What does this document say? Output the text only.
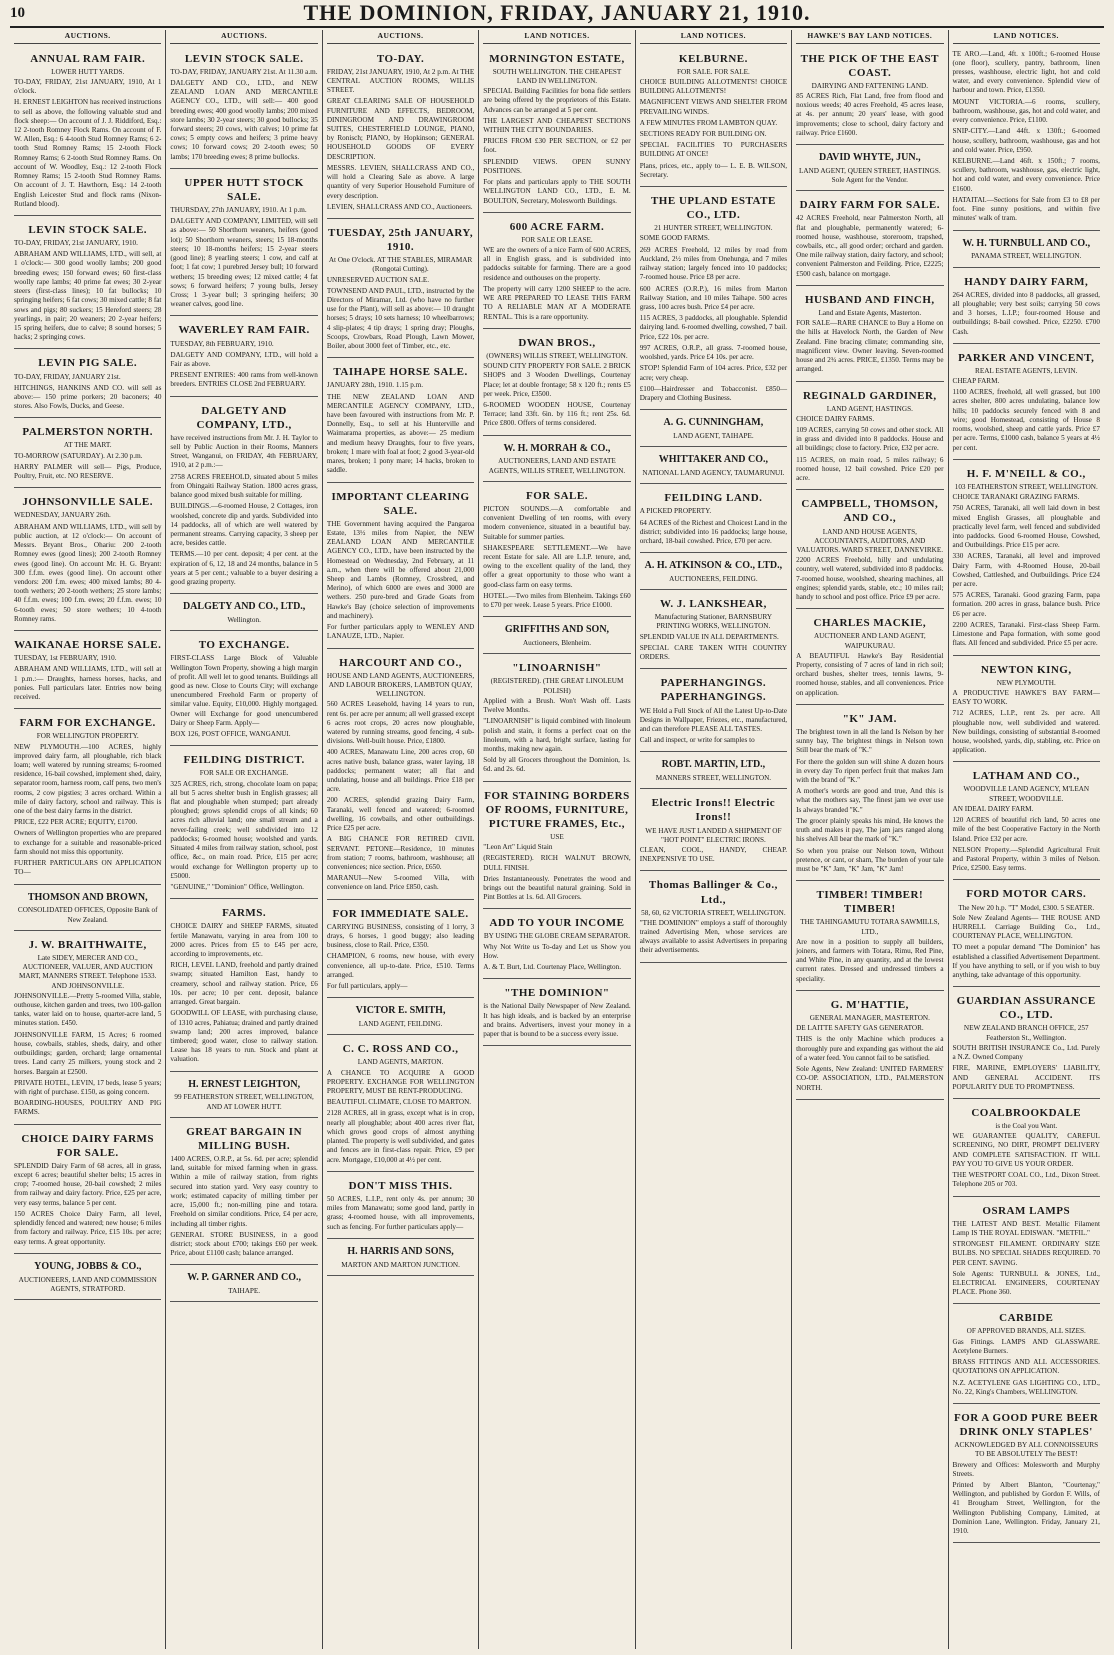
10	THE DOMINION, FRIDAY, JANUARY 21, 1910.
AUCTIONS.
ANNUAL RAM FAIR.
LOWER HUTT YARDS.

TO-DAY, FRIDAY, 21st JANUARY, 1910, At 1 o'clock.

H. ERNEST LEIGHTON has received instructions to sell as above, the following valuable stud and flock sheep:— On account of J. J. Riddiford, Esq.: 12 2-tooth Romney Flock Rams. On account of F. W. Allen, Esq.: 6 4-tooth Stud Romney Rams; 6 2-tooth Stud Romney Rams; 15 2-tooth Flock Romney Rams; 6 2-tooth Stud Romney Rams. On account of W. Woodley, Esq.: 12 2-tooth Flock Romney Rams; 15 2-tooth Stud Romney Rams. On account of J. T. Hawthorn, Esq.: 14 2-tooth English Leicester Stud and flock rams (Nixon-Rutland blood).

LEVIN STOCK SALE.

TO-DAY, FRIDAY, 21st JANUARY, 1910.

ABRAHAM AND WILLIAMS, LTD., will sell, at 1 o'clock:— 300 good woolly lambs; 200 good breeding ewes; 150 forward ewes; 60 first-class woolly rape lambs; 40 prime fat ewes; 30 2-year steers (first-class lines); 10 fat bullocks; 10 springing heifers; 6 fat cows; 30 mixed cattle; 8 fat sows and pigs; 80 suckers; 15 Hereford steers; 28 yearlings, in pair; 20 weaners; 20 2-year heifers; 15 spring heifers, due to calve; 8 sound horses; 5 hacks; 2 springing cows.

LEVIN PIG SALE.

TO-DAY, FRIDAY, JANUARY 21st.

HITCHINGS, HANKINS AND CO. will sell as above:— 150 prime porkers; 20 baconers; 40 stores. Also Fowls, Ducks, and Geese.

PALMERSTON NORTH.
AT THE MART.

TO-MORROW (SATURDAY). At 2.30 p.m.

HARRY PALMER will sell— Pigs, Produce, Poultry, Fruit, etc. NO RESERVE.

JOHNSONVILLE SALE.

WEDNESDAY, JANUARY 26th.

ABRAHAM AND WILLIAMS, LTD., will sell by public auction, at 12 o'clock:— On account of Messrs. Bryant Bros., Ohariu: 200 2-tooth Romney ewes (good lines); 200 2-tooth Romney ewes (good line). On account Mr. H. G. Bryant: 300 f.f.m. ewes (good line). On account other vendors: 200 f.m. ewes; 400 mixed lambs; 80 4-tooth wethers; 20 2-tooth wethers; 25 store lambs; 40 f.f.m. ewes; 100 f.m. ewes; 20 f.f.m. ewes; 10 6-tooth ewes; 50 store wethers; 10 4-tooth Romney rams.

WAIKANAE HORSE SALE.

TUESDAY, 1st FEBRUARY, 1910.

ABRAHAM AND WILLIAMS, LTD., will sell at 1 p.m.:— Draughts, harness horses, hacks, and ponies. Full particulars later. Entries now being received.

FARM FOR EXCHANGE.
FOR WELLINGTON PROPERTY.

NEW PLYMOUTH.—100 ACRES, highly improved dairy farm, all ploughable, rich black loam; well watered by running streams; 6-roomed residence, 16-bail cowshed, implement shed, dairy, separator room, harness room, calf pens, two men's rooms, 2 cow pigsties; 3 acres orchard. Within a mile of dairy factory, school and railway. This is one of the best dairy farms in the district.

PRICE, £22 PER ACRE; EQUITY, £1700.

Owners of Wellington properties who are prepared to exchange for a suitable and reasonable-priced farm should not miss this opportunity.

FURTHER PARTICULARS ON APPLICATION TO—

THOMSON AND BROWN,
CONSOLIDATED OFFICES, Opposite Bank of New Zealand.
J. W. BRAITHWAITE,
Late SIDEY, MERCER AND CO., AUCTIONEER, VALUER, AND AUCTION MART, MANNERS STREET. Telephone 1533. AND JOHNSONVILLE.

JOHNSONVILLE.—Pretty 5-roomed Villa, stable, outhouse, kitchen garden and trees, two 100-gallon tanks, water laid on to house, quarter-acre land, 5 minutes station. £450.

JOHNSONVILLE FARM, 15 Acres; 6 roomed house, cowbails, stables, sheds, dairy, and other outbuildings; garden, orchard; large ornamental trees. Land carry 25 milkers, young stock and 2 horses. Bargain at £2500.

PRIVATE HOTEL, LEVIN, 17 beds, lease 5 years; with right of purchase. £150, as going concern.

BOARDING-HOUSES, POULTRY AND PIG FARMS.

CHOICE DAIRY FARMS FOR SALE.

SPLENDID Dairy Farm of 68 acres, all in grass, except 6 acres; beautiful shelter belts; 15 acres in crop; 7-roomed house, 20-bail cowshed; 2 miles from railway and dairy factory. Price, £25 per acre, very easy terms, balance 5 per cent.

150 ACRES Choice Dairy Farm, all level, splendidly fenced and watered; new house; 6 miles from factory and railway. Price, £15 10s. per acre; easy terms. A great opportunity.

YOUNG, JOBBS & CO.,
AUCTIONEERS, LAND AND COMMISSION AGENTS, STRATFORD.
AUCTIONS.
LEVIN STOCK SALE.

TO-DAY, FRIDAY, JANUARY 21st. At 11.30 a.m.

DALGETY AND CO., LTD., and NEW ZEALAND LOAN AND MERCANTILE AGENCY CO., LTD., will sell:— 400 good breeding ewes; 400 good woolly lambs; 200 mixed store lambs; 30 2-year steers; 30 good bullocks; 35 forward steers; 20 cows, with calves; 10 prime fat cows; 5 empty cows and heifers; 3 prime heavy cows; 10 forward cows; 20 2-tooth ewes; 50 lambs; 170 breeding ewes; 8 prime bullocks.

UPPER HUTT STOCK SALE.

THURSDAY, 27th JANUARY, 1910. At 1 p.m.

DALGETY AND COMPANY, LIMITED, will sell as above:— 50 Shorthorn weaners, heifers (good lot); 50 Shorthorn weaners, steers; 15 18-months steers; 10 18-months heifers; 15 2-year steers (good line); 8 yearling steers; 1 cow, and calf at foot; 1 fat cow; 1 purebred Jersey bull; 10 forward wethers; 15 breeding ewes; 12 mixed cattle; 4 fat sows; 6 forward heifers; 7 young bulls, Jersey Cross; 1 3-year bull; 3 springing heifers; 30 weaner calves, good line.

WAVERLEY RAM FAIR.

TUESDAY, 8th FEBRUARY, 1910.

DALGETY AND COMPANY, LTD., will hold a Fair as above.

PRESENT ENTRIES: 400 rams from well-known breeders. ENTRIES CLOSE 2nd FEBRUARY.

DALGETY AND COMPANY, LTD.,

have received instructions from Mr. J. H. Taylor to sell by Public Auction in their Rooms, Manners Street, Wanganui, on FRIDAY, 4th FEBRUARY, 1910, at 2 p.m.:—

2758 ACRES FREEHOLD, situated about 5 miles from Ohingaiti Railway Station. 1800 acres grass, balance good mixed bush suitable for milling.

BUILDINGS.—6-roomed House, 2 Cottages, iron woolshed, concrete dip and yards. Subdivided into 14 paddocks, all of which are well watered by permanent streams. Carrying capacity, 3 sheep per acre, besides cattle.

TERMS.—10 per cent. deposit; 4 per cent. at the expiration of 6, 12, 18 and 24 months, balance in 5 years at 5 per cent.; valuable to a buyer desiring a good grazing property.

DALGETY AND CO., LTD.,
Wellington.
TO EXCHANGE.

FIRST-CLASS Large Block of Valuable Wellington Town Property, showing a high margin of profit. All well let to good tenants. Buildings all good as new. Close to Courts City; will exchange unencumbered Freehold Farm or property of similar value. Equity, £10,000. Highly mortgaged. Owner will Exchange for good unencumbered Dairy or Sheep Farm. Apply—

BOX 126, POST OFFICE, WANGANUI.

FEILDING DISTRICT.
FOR SALE OR EXCHANGE.

325 ACRES, rich, strong, chocolate loam on papa; all but 5 acres shelter bush in English grasses; all flat and ploughable when stumped; part already ploughed; grows splendid crops of all kinds; 60 acres rich alluvial land; one small stream and a never-failing creek; well subdivided into 12 paddocks; 6-roomed house; woolshed and yards. Situated 4 miles from railway station, school, post office, &c., on main road. Price, £15 per acre; would exchange for Wellington property up to £5000.

"GENUINE," "Dominion" Office, Wellington.

FARMS.

CHOICE DAIRY and SHEEP FARMS, situated fertile Manawatu, varying in area from 100 to 2000 acres. Prices from £5 to £45 per acre, according to improvements, etc.

RICH, LEVEL LAND, freehold and partly drained swamp; situated Hamilton East, handy to creamery, school and railway station. Price, £6 10s. per acre; 10 per cent. deposit, balance arranged. Great bargain.

GOODWILL OF LEASE, with purchasing clause, of 1310 acres, Pahiatua; drained and partly drained swamp land; 200 acres improved, balance timbered; good water, close to railway station. Lease has 18 years to run. Stock and plant at valuation.

H. ERNEST LEIGHTON,
99 FEATHERSTON STREET, WELLINGTON, AND AT LOWER HUTT.
GREAT BARGAIN IN MILLING BUSH.

1400 ACRES, O.R.P., at 5s. 6d. per acre; splendid land, suitable for mixed farming when in grass. Within a mile of railway station, from rights secured into station yard. Very easy country to work; estimated capacity of milling timber per acre, 15,000 ft.; non-milling pine and totara. Freehold on similar conditions. Price, £4 per acre, including all timber rights.

GENERAL STORE BUSINESS, in a good district; stock about £700; takings £60 per week. Price, about £1100 cash; balance arranged.

W. P. GARNER AND CO.,
TAIHAPE.
AUCTIONS.
TO-DAY.

FRIDAY, 21st JANUARY, 1910, At 2 p.m. At THE CENTRAL AUCTION ROOMS, WILLIS STREET.

GREAT CLEARING SALE OF HOUSEHOLD FURNITURE AND EFFECTS, BEDROOM, DININGROOM AND DRAWINGROOM SUITES, CHESTERFIELD LOUNGE, PIANO, by Ronisch; PIANO, by Hopkinson; GENERAL HOUSEHOLD GOODS OF EVERY DESCRIPTION.

MESSRS. LEVIEN, SHALLCRASS AND CO., will hold a Clearing Sale as above. A large quantity of very Superior Household Furniture of every description.

LEVIEN, SHALLCRASS AND CO., Auctioneers.

TUESDAY, 25th JANUARY, 1910.
At One O'clock. AT THE STABLES, MIRAMAR (Rongotai Cutting).

UNRESERVED AUCTION SALE.

TOWNSEND AND PAUL, LTD., instructed by the Directors of Miramar, Ltd. (who have no further use for the Plant), will sell as above:— 10 draught horses; 5 drays; 10 sets harness; 10 wheelbarrows; 4 slip-plates; 4 tip drays; 1 spring dray; Ploughs, Scoops, Crowbars, Road Plough, Lawn Mower, Boiler, about 3000 feet of Timber, etc., etc.

TAIHAPE HORSE SALE.

JANUARY 28th, 1910. 1.15 p.m.

THE NEW ZEALAND LOAN AND MERCANTILE AGENCY COMPANY, LTD., have been favoured with instructions from Mr. P. Donnelly, Esq., to sell at his Hunterville and Waimarama properties, as above:— 25 medium and medium heavy Draughts, four to five years, broken; 1 mare with foal at foot; 2 good 3-year-old mares, broken; 1 pony mare; 14 hacks, broken to saddle.

IMPORTANT CLEARING SALE.

THE Government having acquired the Pangaroa Estate, 13½ miles from Napier, the NEW ZEALAND LOAN AND MERCANTILE AGENCY CO., LTD., have been instructed by the Homestead on Wednesday, 2nd February, at 11 a.m., when there will be offered about 21,000 Sheep and Lambs (Romney, Crossbred, and Merino), of which 6000 are ewes and 3000 are wethers. 250 pure-bred and Grade Goats from Hawke's Bay (choice selection of improvements and machinery).

For further particulars apply to WENLEY AND LANAUZE, LTD., Napier.

HARCOURT AND CO.,
HOUSE AND LAND AGENTS, AUCTIONEERS, AND LABOUR BROKERS, LAMBTON QUAY, WELLINGTON.

560 ACRES Leasehold, having 14 years to run, rent 6s. per acre per annum; all well grassed except 6 acres root crops, 20 acres now ploughable, watered by running streams, good fencing, 4 sub-divisions. Well-built house. Price, £1800.

400 ACRES, Manawatu Line, 200 acres crop, 60 acres native bush, balance grass, water laying, 18 paddocks; permanent water; all flat and undulating, house and all buildings. Price £18 per acre.

200 ACRES, splendid grazing Dairy Farm, Taranaki, well fenced and watered; 6-roomed dwelling, 16 cowbails, and other outbuildings. Price £25 per acre.

A BIG CHANCE FOR RETIRED CIVIL SERVANT. PETONE—Residence, 10 minutes from station; 7 rooms, bathroom, washhouse; all conveniences; nice section. Price, £650.

MARANUI—New 5-roomed Villa, with convenience on land. Price £850, cash.

FOR IMMEDIATE SALE.

CARRYING BUSINESS, consisting of 1 lorry, 3 drays, 6 horses, 1 good buggy; also leading business, close to Rail. Price, £350.

CHAMPION, 6 rooms, new house, with every convenience, all up-to-date. Price, £510. Terms arranged.

For full particulars, apply—

VICTOR E. SMITH,
LAND AGENT, FEILDING.
C. C. ROSS AND CO.,
LAND AGENTS, MARTON.

A CHANCE TO ACQUIRE A GOOD PROPERTY. EXCHANGE FOR WELLINGTON PROPERTY, MUST BE RENT-PRODUCING.

BEAUTIFUL CLIMATE, CLOSE TO MARTON.

2128 ACRES, all in grass, except what is in crop, nearly all ploughable; about 400 acres river flat, which grows good crops of almost anything planted. The property is well subdivided, and gates and fences are in first-class repair. Price, £9 per acre. Mortgage, £10,000 at 4½ per cent.

DON'T MISS THIS.

50 ACRES, L.I.P., rent only 4s. per annum; 30 miles from Manawatu; some good land, partly in grass; 4-roomed house, with all improvements, such as fencing. For further particulars apply—

H. HARRIS AND SONS,
MARTON AND MARTON JUNCTION.
LAND NOTICES.
MORNINGTON ESTATE,
SOUTH WELLINGTON. THE CHEAPEST LAND IN WELLINGTON.

SPECIAL Building Facilities for bona fide settlers are being offered by the proprietors of this Estate. Advances can be arranged at 5 per cent.

THE LARGEST AND CHEAPEST SECTIONS WITHIN THE CITY BOUNDARIES.

PRICES FROM £30 PER SECTION, or £2 per foot.

SPLENDID VIEWS. OPEN SUNNY POSITIONS.

For plans and particulars apply to THE SOUTH WELLINGTON LAND CO., LTD., E. M. BOULTON, Secretary, Molesworth Buildings.

600 ACRE FARM.
FOR SALE OR LEASE.

WE are the owners of a nice Farm of 600 ACRES, all in English grass, and is subdivided into paddocks suitable for farming. There are a good residence and outhouses on the property.

The property will carry 1200 SHEEP to the acre. WE ARE PREPARED TO LEASE THIS FARM TO A RELIABLE MAN AT A MODERATE RENTAL. This is a rare opportunity.

DWAN BROS.,
(OWNERS) WILLIS STREET, WELLINGTON.

SOUND CITY PROPERTY FOR SALE. 2 BRICK SHOPS and 3 Wooden Dwellings, Courtenay Place; let at double frontage; 58 x 120 ft.; rents £5 per week. Price, £3500.

6-ROOMED WOODEN HOUSE, Courtenay Terrace; land 33ft. 6in. by 116 ft.; rent 25s. 6d. Price £800. Offers of terms considered.

W. H. MORRAH & CO.,
AUCTIONEERS, LAND AND ESTATE AGENTS, WILLIS STREET, WELLINGTON.
FOR SALE.

PICTON SOUNDS.—A comfortable and convenient Dwelling of ten rooms, with every modern convenience, situated in a beautiful bay. Suitable for summer parties.

SHAKESPEARE SETTLEMENT.—We have recent Estate for sale. All are L.I.P. tenure, and, owing to the excellent quality of the land, they offer a great opportunity to those who want a good-class farm on easy terms.

HOTEL.—Two miles from Blenheim. Takings £60 to £70 per week. Lease 5 years. Price £1000.

GRIFFITHS AND SON,
Auctioneers, Blenheim.
"LINOARNISH"
(REGISTERED). (THE GREAT LINOLEUM POLISH)

Applied with a Brush. Won't Wash off. Lasts Twelve Months.

"LINOARNISH" is liquid combined with linoleum polish and stain, it forms a perfect coat on the linoleum, with a hard, bright surface, lasting for months, making new again.

Sold by all Grocers throughout the Dominion, 1s. 6d. and 2s. 6d.

FOR STAINING BORDERS OF ROOMS, FURNITURE, PICTURE FRAMES, Etc.,
USE

"Leon Art" Liquid Stain

(REGISTERED). RICH WALNUT BROWN, DULL FINISH.

Dries Instantaneously. Penetrates the wood and brings out the beautiful natural graining. Sold in Pint Bottles at 1s. 6d. All Grocers.

ADD TO YOUR INCOME
BY USING THE GLOBE CREAM SEPARATOR.

Why Not Write us To-day and Let us Show you How.

A. & T. Burt, Ltd. Courtenay Place, Wellington.

"THE DOMINION"

is the National Daily Newspaper of New Zealand. It has high ideals, and is backed by an enterprise and brains. Advertisers, invest your money in a paper that is bound to be a success every issue.

LAND NOTICES.
KELBURNE.
FOR SALE. FOR SALE.

CHOICE BUILDING ALLOTMENTS! CHOICE BUILDING ALLOTMENTS!

MAGNIFICENT VIEWS AND SHELTER FROM PREVAILING WINDS.

A FEW MINUTES FROM LAMBTON QUAY.

SECTIONS READY FOR BUILDING ON.

SPECIAL FACILITIES TO PURCHASERS BUILDING AT ONCE!

Plans, prices, etc., apply to— L. E. B. WILSON, Secretary.

THE UPLAND ESTATE CO., LTD.
21 HUNTER STREET, WELLINGTON.

SOME GOOD FARMS.

269 ACRES Freehold, 12 miles by road from Auckland, 2½ miles from Onehunga, and 7 miles railway station; largely fenced into 10 paddocks; 7-roomed house. Price £8 per acre.

600 ACRES (O.R.P.), 16 miles from Marton Railway Station, and 10 miles Taihape. 500 acres grass, 100 acres bush. Price £4 per acre.

115 ACRES, 3 paddocks, all ploughable. Splendid dairying land. 6-roomed dwelling, cowshed, 7 bail. Price, £22 10s. per acre.

997 ACRES, O.R.P., all grass. 7-roomed house, woolshed, yards. Price £4 10s. per acre.

STOP! Splendid Farm of 104 acres. Price, £32 per acre; very cheap.

£100—Hairdresser and Tobacconist. £850—Drapery and Clothing Business.

A. G. CUNNINGHAM,
LAND AGENT, TAIHAPE.
WHITTAKER AND CO.,
NATIONAL LAND AGENCY, TAUMARUNUI.
FEILDING LAND.

A PICKED PROPERTY.

64 ACRES of the Richest and Choicest Land in the district; subdivided into 16 paddocks; large house, orchard, 18-bail cowshed. Price, £70 per acre.

A. H. ATKINSON & CO., LTD.,
AUCTIONEERS, FEILDING.
W. J. LANKSHEAR,
Manufacturing Stationer, BARNSBURY PRINTING WORKS, WELLINGTON.

SPLENDID VALUE IN ALL DEPARTMENTS.

SPECIAL CARE TAKEN WITH COUNTRY ORDERS.

PAPERHANGINGS. PAPERHANGINGS.

WE Hold a Full Stock of All the Latest Up-to-Date Designs in Wallpaper, Friezes, etc., manufactured, and can therefore PLEASE ALL TASTES.

Call and inspect, or write for samples to

ROBT. MARTIN, LTD.,
MANNERS STREET, WELLINGTON.
Electric Irons!! Electric Irons!!
WE HAVE JUST LANDED A SHIPMENT OF "HOT POINT" ELECTRIC IRONS.

CLEAN, COOL, HANDY, CHEAP. INEXPENSIVE TO USE.

Thomas Ballinger & Co., Ltd.,
58, 60, 62 VICTORIA STREET, WELLINGTON.

"THE DOMINION" employs a staff of thoroughly trained Advertising Men, whose services are always available to assist Advertisers in preparing their advertisements.

HAWKE'S BAY LAND NOTICES.
THE PICK OF THE EAST COAST.
DAIRYING AND FATTENING LAND.

85 ACRES Rich, Flat Land, free from flood and noxious weeds; 40 acres Freehold, 45 acres lease, at 4s. per annum; 20 years' lease, with good improvements; close to school, dairy factory and railway. Price £1600.

DAVID WHYTE, JUN.,
LAND AGENT, QUEEN STREET, HASTINGS. Sole Agent for the Vendor.
DAIRY FARM FOR SALE.

42 ACRES Freehold, near Palmerston North, all flat and ploughable, permanently watered; 6-roomed house, washhouse, storeroom, trapshed, cowbails, etc., all good order; orchard and garden. One mile railway station, dairy factory, and school; convenient Palmerston and Feilding. Price, £2225; £500 cash, balance on mortgage.

HUSBAND AND FINCH,
Land and Estate Agents, Masterton.

FOR SALE—RARE CHANCE to Buy a Home on the hills at Havelock North, the Garden of New Zealand. Fine bracing climate; commanding site, magnificent view. Owner leaving. Seven-roomed house and 2¾ acres. PRICE, £1350. Terms may be arranged.

REGINALD GARDINER,
LAND AGENT, HASTINGS.

CHOICE DAIRY FARMS.

109 ACRES, carrying 50 cows and other stock. All in grass and divided into 8 paddocks. House and all buildings; close to factory. Price, £32 per acre.

115 ACRES, on main road, 5 miles railway; 6 roomed house, 12 bail cowshed. Price £20 per acre.

CAMPBELL, THOMSON, AND CO.,
LAND AND HOUSE AGENTS, ACCOUNTANTS, AUDITORS, AND VALUATORS. WARD STREET, DANNEVIRKE.

2200 ACRES Freehold, hilly and undulating country, well watered, subdivided into 8 paddocks. 7-roomed house, woolshed, shearing machines, all engines; splendid yards, stable, etc.; 10 miles rail; handy to school and post office. Price £9 per acre.

CHARLES MACKIE,
AUCTIONEER AND LAND AGENT, WAIPUKURAU.

A BEAUTIFUL Hawke's Bay Residential Property, consisting of 7 acres of land in rich soil; orchard bushes, shelter trees, tennis lawns, 9-roomed house, stables, and all conveniences. Price on application.

"K" JAM.

The brightest town in all the land Is Nelson by her sunny bay, The brightest things in Nelson town Still bear the mark of "K."

For there the golden sun will shine A dozen hours in every day To ripen perfect fruit that makes Jam with the brand of "K."

A mother's words are good and true, And this is what the mothers say, The finest jam we ever use Is always branded "K."

The grocer plainly speaks his mind, He knows the truth and makes it pay, The jam jars ranged along his shelves All bear the mark of "K."

So when you praise our Nelson town, Without pretence, or cant, or sham, The burden of your tale must be "K" Jam, "K" Jam, "K" Jam!

TIMBER! TIMBER! TIMBER!
THE TAHINGAMUTU TOTARA SAWMILLS, LTD.,

Are now in a position to supply all builders, joiners, and farmers with Totara, Rimu, Red Pine, and White Pine, in any quantity, and at the lowest current rates. Dressed and undressed timbers a speciality.

G. M'HATTIE,
GENERAL MANAGER, MASTERTON.

DE LAITTE SAFETY GAS GENERATOR.

THIS is the only Machine which produces a thoroughly pure and expanding gas without the aid of a water feed. You cannot fail to be satisfied.

Sole Agents, New Zealand: UNITED FARMERS' CO-OP. ASSOCIATION, LTD., PALMERSTON NORTH.

LAND NOTICES.

TE ARO.—Land, 4ft. x 100ft.; 6-roomed House (one floor), scullery, pantry, bathroom, linen presses, washhouse, electric light, hot and cold water, and every convenience. Splendid view of harbour and town. Price, £1350.

MOUNT VICTORIA.—6 rooms, scullery, bathroom, washhouse, gas, hot and cold water, and every convenience. Price, £1100.

SNIP-CITY.—Land 44ft. x 130ft.; 6-roomed house, scullery, bathroom, washhouse, gas and hot and cold water. Price, £950.

KELBURNE.—Land 46ft. x 150ft.; 7 rooms, scullery, bathroom, washhouse, gas, electric light, hot and cold water, and every convenience. Price £1600.

HATAITAI.—Sections for Sale from £3 to £8 per foot. Fine sunny positions, and within five minutes' walk of tram.

W. H. TURNBULL AND CO.,
PANAMA STREET, WELLINGTON.
HANDY DAIRY FARM,

264 ACRES, divided into 8 paddocks, all grassed, all ploughable; very best soils; carrying 50 cows and 3 horses, L.I.P.; four-roomed House and outbuildings; 8-bail cowshed. Price, £2250. £700 Cash.

PARKER AND VINCENT,
REAL ESTATE AGENTS, LEVIN.

CHEAP FARM.

1100 ACRES, freehold, all well grassed, but 100 acres shelter, 800 acres undulating, balance low hills; 10 paddocks securely fenced with 8 and wire; good Homestead, consisting of House 8 rooms, woolshed, sheep and cattle yards. Price £7 per acre. Terms, £1000 cash, balance 5 years at 4½ per cent.

H. F. M'NEILL & CO.,
103 FEATHERSTON STREET, WELLINGTON.

CHOICE TARANAKI GRAZING FARMS.

750 ACRES, Taranaki, all well laid down in best mixed English Grasses, all ploughable and practically level farm, well fenced and subdivided into paddocks. Good 6-roomed House, Cowshed, and Outbuildings. Price £15 per acre.

330 ACRES, Taranaki, all level and improved Dairy Farm, with 4-Roomed House, 20-bail Cowshed, Cattleshed, and Outbuildings. Price £24 per acre.

575 ACRES, Taranaki. Good grazing Farm, papa formation. 200 acres in grass, balance bush. Price £6 per acre.

2200 ACRES, Taranaki. First-class Sheep Farm. Limestone and Papa formation, with some good flats. All fenced and subdivided. Price £5 per acre.

NEWTON KING,
NEW PLYMOUTH.

A PRODUCTIVE HAWKE'S BAY FARM—EASY TO WORK.

712 ACRES, L.I.P., rent 2s. per acre. All ploughable now, well subdivided and watered. New buildings, consisting of substantial 8-roomed house, woolshed, yards, dip, stabling, etc. Price on application.

LATHAM AND CO.,
WOODVILLE LAND AGENCY, M'LEAN STREET, WOODVILLE.

AN IDEAL DAIRY FARM.

120 ACRES of beautiful rich land, 50 acres one mile of the best Cooperative Factory in the North Island. Price £32 per acre.

NELSON Property.—Splendid Agricultural Fruit and Pastoral Property, within 3 miles of Nelson. Price, £2500. Easy terms.

FORD MOTOR CARS.
The New 20 h.p. "T" Model, £300. 5 SEATER.

Sole New Zealand Agents— THE ROUSE AND HURRELL Carriage Building Co., Ltd., COURTENAY PLACE, WELLINGTON.

TO meet a popular demand "The Dominion" has established a classified Advertisement Department. If you have anything to sell, or if you wish to buy anything, take advantage of this opportunity.

GUARDIAN ASSURANCE CO., LTD.
NEW ZEALAND BRANCH OFFICE, 257 Featherston St., Wellington.

SOUTH BRITISH INSURANCE Co., Ltd. Purely a N.Z. Owned Company

FIRE, MARINE, EMPLOYERS' LIABILITY, AND GENERAL ACCIDENT. ITS POPULARITY DUE TO PROMPTNESS.

COALBROOKDALE
is the Coal you Want.

WE GUARANTEE QUALITY, CAREFUL SCREENING, NO DIRT, PROMPT DELIVERY AND COMPLETE SATISFACTION. IT WILL PAY YOU TO GIVE US YOUR ORDER.

THE WESTPORT COAL CO., Ltd., Dixon Street. Telephone 205 or 703.

OSRAM LAMPS

THE LATEST AND BEST. Metallic Filament Lamp IS THE ROYAL EDISWAN. "METFIL."

STRONGEST FILAMENT. ORDINARY SIZE BULBS. NO SPECIAL SHADES REQUIRED. 70 PER CENT. SAVING.

Sole Agents: TURNBULL & JONES, Ltd., ELECTRICAL ENGINEERS, COURTENAY PLACE. Phone 360.

CARBIDE
OF APPROVED BRANDS, ALL SIZES.

Gas Fittings. LAMPS AND GLASSWARE. Acetylene Burners.

BRASS FITTINGS AND ALL ACCESSORIES. QUOTATIONS ON APPLICATION.

N.Z. ACETYLENE GAS LIGHTING CO., LTD., No. 22, King's Chambers, WELLINGTON.

FOR A GOOD PURE BEER DRINK ONLY STAPLES'
ACKNOWLEDGED BY ALL CONNOISSEURS TO BE ABSOLUTELY The BEST!

Brewery and Offices: Molesworth and Murphy Streets.

Printed by Albert Blanton, "Courtenay," Wellington, and published by Gordon F. Wills, of 41 Brougham Street, Wellington, for the Wellington Publishing Company, Limited, at Dominion Lane, Wellington. Friday, January 21, 1910.
